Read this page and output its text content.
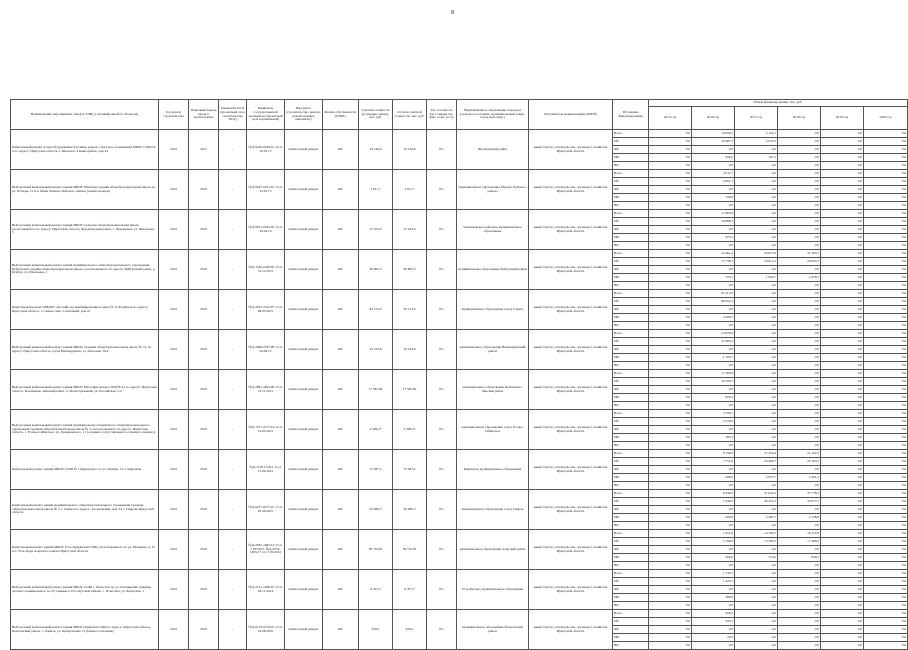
8
Наименование мероприятия, объекта, ПИР (с расшифровкой по объектам)	Год начала строительства	Плановый период ввода в эксплуатацию	Реквизиты ПСД (проектный срок строительства ПСД)	Реквизиты государственной экспертизы (проектный срок нормативной)	Вид работ (строительство, ремонт, реконструкция, капремонт)	Форма собственности (ГОМС)	Сметная стоимость (в текущих ценах), тыс. руб.	Остаток сметной стоимости, тыс. руб.	Тех. готовность (на 1 января тек. фин. года), (в %)	Муниципальное образование городское (сельское поселение, муниципальный район, городской округ)	Исполнитель (наименование ИОГВ)	Источники финансирования	Объем финансирования, тыс. руб.					
													2015 год	2016 год	2017 год	2018 год	2019 год	2020 год
Капитальный ремонт и переоборудование бассейна, ремонт спортзала, помещений МКОУ СОШ № 2 по адресу: Иркутская область, г. Шелехов, 4 микрорайон, дом 44	2016	2017	-	№Д-9236-0250/01 14 от 10.05.15	капитальный ремонт	МС	19 146,6	19 146,6	0%	Шелеховский район	министерство строительства, дорожного хозяйства Иркутской области	Всего	0,0	19 659,3	2 145,1	0,0	0,0	0,0
												ОБ	0,0	18 487,3	2 037,9	0,0	0,0	0,0
												ФБ	0,0	0,0	0,0	0,0	0,0	0,0
												МБ	0,0	932,0	107,2	0,0	0,0	0,0
												ВИ	0,0	0,0	0,0	0,0	0,0	0,0
Выборочный капитальный ремонт здания МКОУ Мамская средняя общеобразовательная школа по ул. Победы, 10 в п. Мама Мамско-Чуйского района (замена кровли)	2016	2016	-	№Д-9247-0251/01 15 от 25.05.15	капитальный ремонт	МС	3 011,7	3 011,7	0%	муниципальное образование Мамско-Чуйского района	министерство строительства, дорожного хозяйства Иркутской области	Всего	0,0	3 011,7	0,0	0,0	0,0	0,0
												ОБ	0,0	2 861,1	0,0	0,0	0,0	0,0
												ФБ	0,0	0,0	0,0	0,0	0,0	0,0
												МБ	0,0	150,6	0,0	0,0	0,0	0,0
												ВИ	0,0	0,0	0,0	0,0	0,0	0,0
Выборочный капитальный ремонт здания МБОУ Сельская общеобразовательная школа, расположенного по адресу: Иркутская область, Черемховский район, с. Черемушка, ул. Школьная, 5	2016	2016	-	№Д-9631-0032/02 15 от 26.04.16	капитальный ремонт	МС	27 453,9	27 453,9	0%	Черемховское районное муниципальное образование	министерство строительства, дорожного хозяйства Иркутской области	Всего	0,0	17 863,6	0,0	0,0	0,0	0,0
												ОБ	0,0	16 888,3	0,0	0,0	0,0	0,0
												ФБ	0,0	0,0	0,0	0,0	0,0	0,0
												МБ	0,0	975,3	0,0	0,0	0,0	0,0
												ВИ	0,0	0,0	0,0	0,0	0,0	0,0
Выборочный капитальный ремонт здания муниципального общеобразовательного учреждения Куйтунская средняя общеобразовательная школа, расположенного по адресу: Куйтунский район, р. Куйтун, ул. Школьная, 1	2016	2018	-	№Д-1329-0320/03 15 от 31.12.2015	капитальный ремонт	МС	60 892,3	60 892,3	0%	муниципальное образование Куйтунский район	министерство строительства, дорожного хозяйства Иркутской области	Всего	0,0	14 461,4	20 012,9	31 363,5	0,0	0,0
												ОБ	0,0	13 738,3	19 012,2	29 695,3	0,0	0,0
												ФБ	0,0	0,0	0,0	0,0	0,0	0,0
												МБ	0,0	723,1	1 000,7	1 678,2	0,0	0,0
												ВИ	0,0	0,0	0,0	0,0	0,0	0,0
Капитальный ремонт МБДОУ Детский сад комбинированного вида № 15 Родничок по адресу: Иркутская область, г. Саянск, мкр. Солнечный, дом 21	2016	2016	-	№Д-2912-2312/07 15 от 08.05.2015	капитальный ремонт	МС	85 213,0	85 213,0	0%	муниципальное образование город Саянск	министерство строительства, дорожного хозяйства Иркутской области	Всего	0,0	85 213,0	0,0	0,0	0,0	0,0
												ОБ	0,0	80 952,3	0,0	0,0	0,0	0,0
												ФБ	0,0	0,0	0,0	0,0	0,0	0,0
												МБ	0,0	4 260,7	0,0	0,0	0,0	0,0
												ВИ	0,0	0,0	0,0	0,0	0,0	0,0
Выборочный капитальный ремонт здания МКОУ Средняя общеобразовательная школа № 72, по адресу: Иркутская область, город Нижнеудинск, ул. Почтовая, 59А	2016	2016	-	№Д-2968-2797/08 15 от 04.09.15	капитальный ремонт	МС	25 224,8	25 224,8	0%	муниципальное образование Нижнеудинский район	министерство строительства, дорожного хозяйства Иркутской области	Всего	0,0	23 876,9	0,0	0,0	0,0	0,0
												ОБ	0,0	21 683,2	0,0	0,0	0,0	0,0
												ФБ	0,0	0,0	0,0	0,0	0,0	0,0
												МБ	0,0	1 193,7	0,0	0,0	0,0	0,0
												ВИ	0,0	0,0	0,0	0,0	0,0	0,0
Выборочный капитальный ремонт здания МБОУ Мало-Куронская СОШ № 22 по адресу: Иркутская область, Казачинско-Ленский район, п. Магистральный, ул. Российская, 2-4	2016	2016	-	№Д-2801-2824/06 15 от 25.11.2015	капитальный ремонт	МС	17 585,99	17 585,99	0%	муниципальное образование Казачинско-Ленский район	министерство строительства, дорожного хозяйства Иркутской области	Всего	0,0	17 585,9	0,0	0,0	0,0	0,0
												ОБ	0,0	16 706,7	0,0	0,0	0,0	0,0
												ФБ	0,0	0,0	0,0	0,0	0,0	0,0
												МБ	0,0	879,3	0,0	0,0	0,0	0,0
												ВИ	0,0	0,0	0,0	0,0	0,0	0,0
Выборочный капитальный ремонт здания муниципального бюджетного общеобразовательного учреждения Средняя общеобразовательная школа № 3, расположенного по адресу: Иркутская область, г. Усолье-Сибирское, ул. Дзержинского, 11 (в рамках сопутствующего основного ремонта)	2016	2016	-	№Д-1377-2177/14 14 от 12.02.2015	капитальный ремонт	МС	4 599,27	4 599,27	0%	муниципальное образование город Усолье-Сибирское	министерство строительства, дорожного хозяйства Иркутской области	Всего	0,0	3 706,7	0,0	0,0	0,0	0,0
												ОБ	0,0	3 519,6	0,0	0,0	0,0	0,0
												ФБ	0,0	0,0	0,0	0,0	0,0	0,0
												МБ	0,0	185,3	0,0	0,0	0,0	0,0
												ВИ	0,0	0,0	0,0	0,0	0,0	0,0
Капитальный ремонт здания МКОУ СОШ № 1 Киренского по ул. Ленина, 5 в г. Киренске	2016	2018	-	№Д-1158-1316/1 15 от 15.09.2015	капитальный ремонт	МС	75 387,2	75 387,2	0%	Киренское муниципальное образование	министерство строительства, дорожного хозяйства Иркутской области	Всего	0,0	8 159,6	57 256,4	21 224,4	0,0	0,0
												ОБ	0,0	7 751,6	54 408,7	20 163,2	0,0	0,0
												ФБ	0,0	0,0	0,0	0,0	0,0	0,0
												МБ	0,0	408,0	2 857,7	1 061,2	0,0	0,0
												ВИ	0,0	0,0	0,0	0,0	0,0	0,0
Капитальный ремонт здания муниципального общеобразовательного учреждения Средняя общеобразовательная школа № 3, г. Свирск по адресу: Хасановский, дом 2 в г. Свирске Иркутской области	2016	2018	-	№Д-0277-0277/01 15 от 05.09.2015	капитальный ремонт	МС	95 086,3	95 086,3	0%	муниципальное образование город Свирск	министерство строительства, дорожного хозяйства Иркутской области	Всего	0,0	8 342,0	51 944,2	37 778,4	0,0	0,0
												ОБ	0,0	7 942,0	49 455,5	35 677,5	0,0	0,0
												ФБ	0,0	0,0	0,0	0,0	0,0	0,0
												МБ	0,0	400,0	2 487,7	2 138,8	0,0	0,0
												ВИ	0,0	0,0	0,0	0,0	0,0	0,0
Капитальный ремонт здания МКОУ Усть-Ордынская СОШ, расположенного по ул. Матвеева, д. 47 в п. Усть-Орда Аларского района Иркутской области	2016	2018	-	№Д-2035-1605/14 15 от 7.09.2015, №Д-2035-1605/17 от 17.09.2012	капитальный ремонт	МС	39 716,95	39 716,95	0%	муниципальное образование Аларский район	министерство строительства, дорожного хозяйства Иркутской области	Всего	0,0	5 451,6	14 109,5	18 152,8	0,0	0,0
												ОБ	0,0	5 159,6	13 395,5	17 496,6	0,0	0,0
												ФБ	0,0	0,0	0,0	0,0	0,0	0,0
												МБ	0,0	292,0	710,0	656,2	0,0	0,0
												ВИ	0,0	0,0	0,0	0,0	0,0	0,0
Выборочный капитальный ремонт здания МКОУ СОШ с. Покосное по уч. Расширение границы детского пришкольного по 25 ученика в Усть-Кутском районе, с. Покосное, ул. Береговая, 1	2016	2016	-	№Д-2141-1940/01 15 от 06.11.2014	капитальный ремонт	МС	6 457,5	6 457,5	0%	Усть-Кутское муниципальное образование	министерство строительства, дорожного хозяйства Иркутской области	Всего	0,0	1 743,5	0,0	0,0	0,0	0,0
												ОБ	0,0	1 423,5	0,0	0,0	0,0	0,0
												ФБ	0,0	0,0	0,0	0,0	0,0	0,0
												МБ	0,0	289,0	0,0	0,0	0,0	0,0
												ВИ	0,0	0,0	0,0	0,0	0,0	0,0
Выборочный капитальный ремонт здания МБОУ Одинская СОШ по адресу: Иркутская область, Балаганский район, с. Одинск, ул. Центральная 13 (замена отопления)	2016	2016	-	№Д-0170-0170/01 15 от 19.08.2016	капитальный ремонт	МС	458,2	458,2	0%	муниципальное образование Балаганский район	министерство строительства, дорожного хозяйства Иркутской области	Всего	0,0	458,2	0,0	0,0	0,0	0,0
												ОБ	0,0	435,3	0,0	0,0	0,0	0,0
												ФБ	0,0	0,0	0,0	0,0	0,0	0,0
												МБ	0,0	22,9	0,0	0,0	0,0	0,0
												ВИ	0,0	0,0	0,0	0,0	0,0	0,0
